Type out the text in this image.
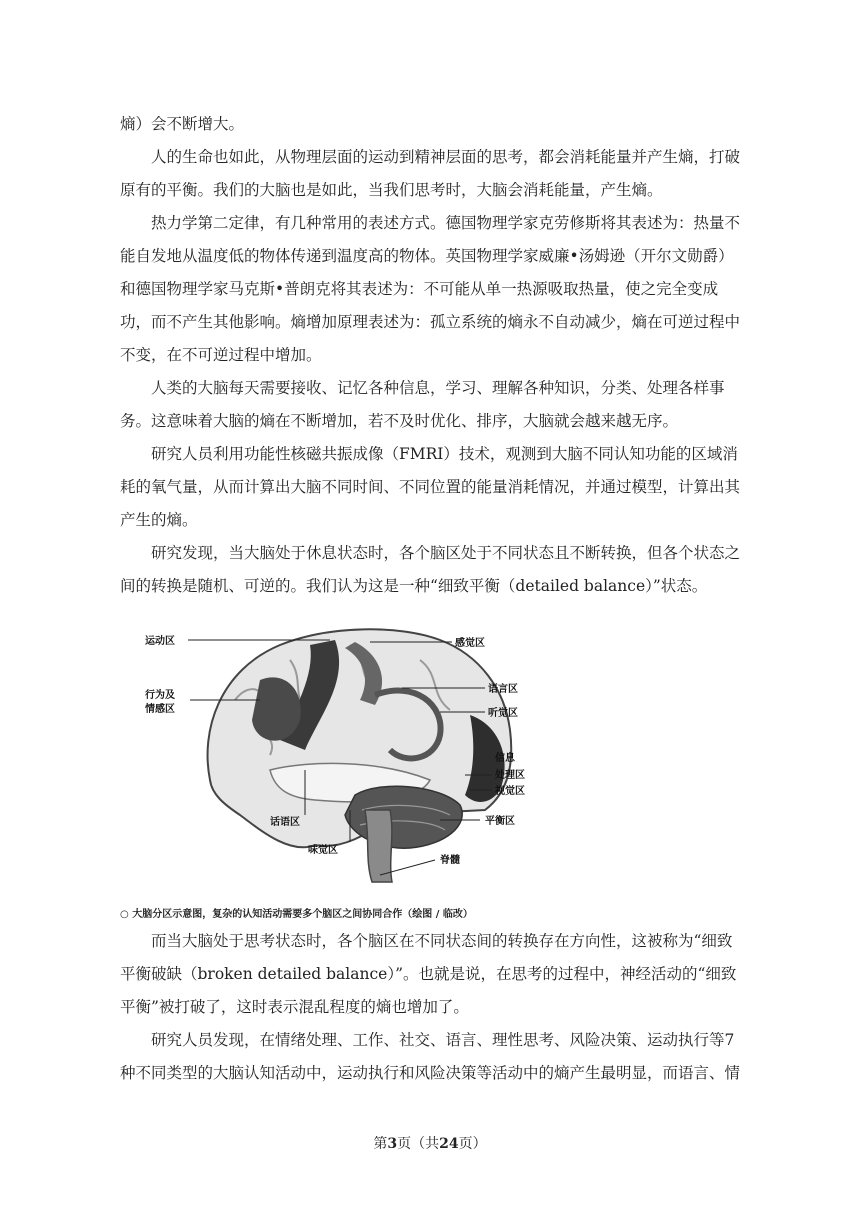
熵）会不断增大。

人的生命也如此，从物理层面的运动到精神层面的思考，都会消耗能量并产生熵，打破原有的平衡。我们的大脑也是如此，当我们思考时，大脑会消耗能量，产生熵。

热力学第二定律，有几种常用的表述方式。德国物理学家克劳修斯将其表述为：热量不能自发地从温度低的物体传递到温度高的物体。英国物理学家威廉•汤姆逊（开尔文勋爵）和德国物理学家马克斯•普朗克将其表述为：不可能从单一热源吸取热量，使之完全变成功，而不产生其他影响。熵增加原理表述为：孤立系统的熵永不自动减少，熵在可逆过程中不变，在不可逆过程中增加。

人类的大脑每天需要接收、记忆各种信息，学习、理解各种知识，分类、处理各样事务。这意味着大脑的熵在不断增加，若不及时优化、排序，大脑就会越来越无序。

研究人员利用功能性核磁共振成像（FMRI）技术，观测到大脑不同认知功能的区域消耗的氧气量，从而计算出大脑不同时间、不同位置的能量消耗情况，并通过模型，计算出其产生的熵。

研究发现，当大脑处于休息状态时，各个脑区处于不同状态且不断转换，但各个状态之间的转换是随机、可逆的。我们认为这是一种“细致平衡（detailed balance）”状态。

运动区	感觉区
行为及
情感区
语言区
听觉区
信息
处理区
视觉区
话语区	平衡区
味觉区
脊髓
○ 大脑分区示意图，复杂的认知活动需要多个脑区之间协同合作（绘图 / 临改）

而当大脑处于思考状态时，各个脑区在不同状态间的转换存在方向性，这被称为“细致平衡破缺（broken detailed balance）”。也就是说，在思考的过程中，神经活动的“细致平衡”被打破了，这时表示混乱程度的熵也增加了。

研究人员发现，在情绪处理、工作、社交、语言、理性思考、风险决策、运动执行等7种不同类型的大脑认知活动中，运动执行和风险决策等活动中的熵产生最明显，而语言、情

第3页（共24页）
